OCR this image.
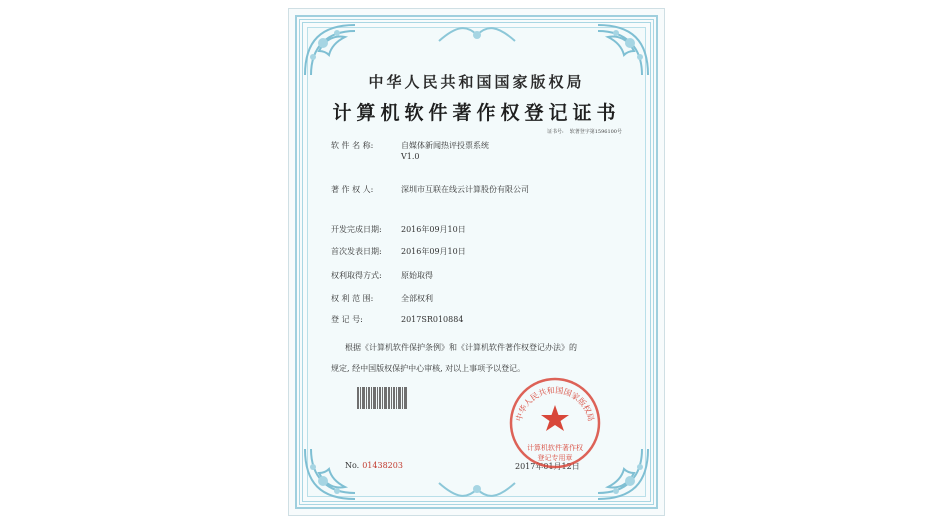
中华人民共和国国家版权局
计算机软件著作权登记证书
证书号: 软著登字第1596100号
软 件 名 称:	自媒体新闻热评投票系统
V1.0
著 作 权 人:	深圳市互联在线云计算股份有限公司
开发完成日期: 2016年09月10日
首次发表日期: 2016年09月10日
权利取得方式: 原始取得
权 利 范 围:	全部权利
登 记 号:	2017SR010884
根据《计算机软件保护条例》和《计算机软件著作权登记办法》的
规定, 经中国版权保护中心审核, 对以上事项予以登记。
No. 01438203	2017年01月12日
中华人民共和国国家版权局
计算机软件著作权
登记专用章
